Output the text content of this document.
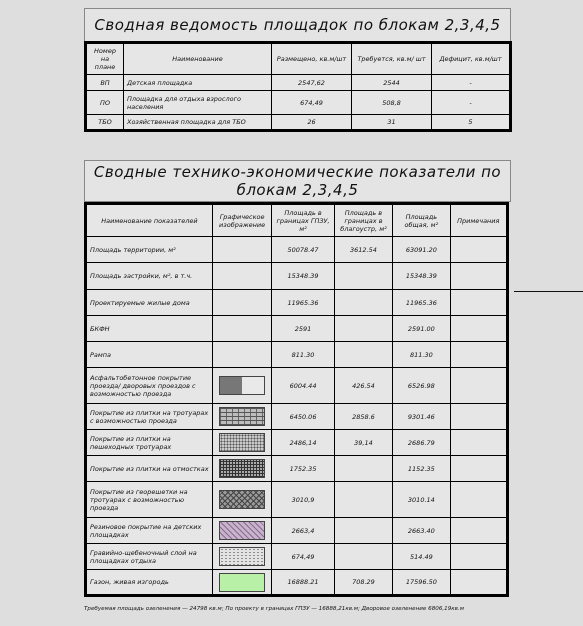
Сводная ведомость площадок по блокам 2,3,4,5
Номер на плане	Наименование	Размещено, кв.м/шт	Требуется, кв.м/ шт	Дефицит, кв.м/шт
ВП	Детская площадка	2547,62	2544	-
ПО	Площадка для отдыха взрослого населения	674,49	508,8	-
ТБО	Хозяйственная площадка для ТБО	26	31	5
Сводные технико-экономические показатели по блокам 2,3,4,5
Наименование показателей	Графическое изображение	Площадь в границах ГПЗУ, м²	Площадь в границах в благоустр, м²	Площадь общая, м²	Примечания
Площадь территории, м²		50078.47	3612.54	63091.20	
Площадь застройки, м², в т.ч.		15348.39		15348.39	
Проектируемые жилые дома		11965.36		11965.36	
БКФН		2591		2591.00	
Рампа		811.30		811.30	
Асфальтобетонное покрытие проезда/ дворовых проездов с возможностью проезда		6004.44	426.54	6526.98	
Покрытие из плитки на тротуарах с возможностью проезда		6450.06	2858.6	9301.46	
Покрытие из плитки на пешеходных тротуарах		2486,14	39,14	2686.79	
Покрытие из плитки на отмостках		1752.35		1152.35	
Покрытие из георешетки на тротуарах с возможностью проезда		3010,9		3010.14	
Резиновое покрытие на детских площадках		2663,4		2663.40	
Гравийно-щебеночный слой на площадках отдыха		674,49		514.49	
Газон, живая изгородь		16888.21	708.29	17596.50	
Требуемая площадь озеленения — 24798 кв.м; По проекту в границах ГПЗУ — 16888,21кв.м; Дворовое озеленение 6806,19кв.м
